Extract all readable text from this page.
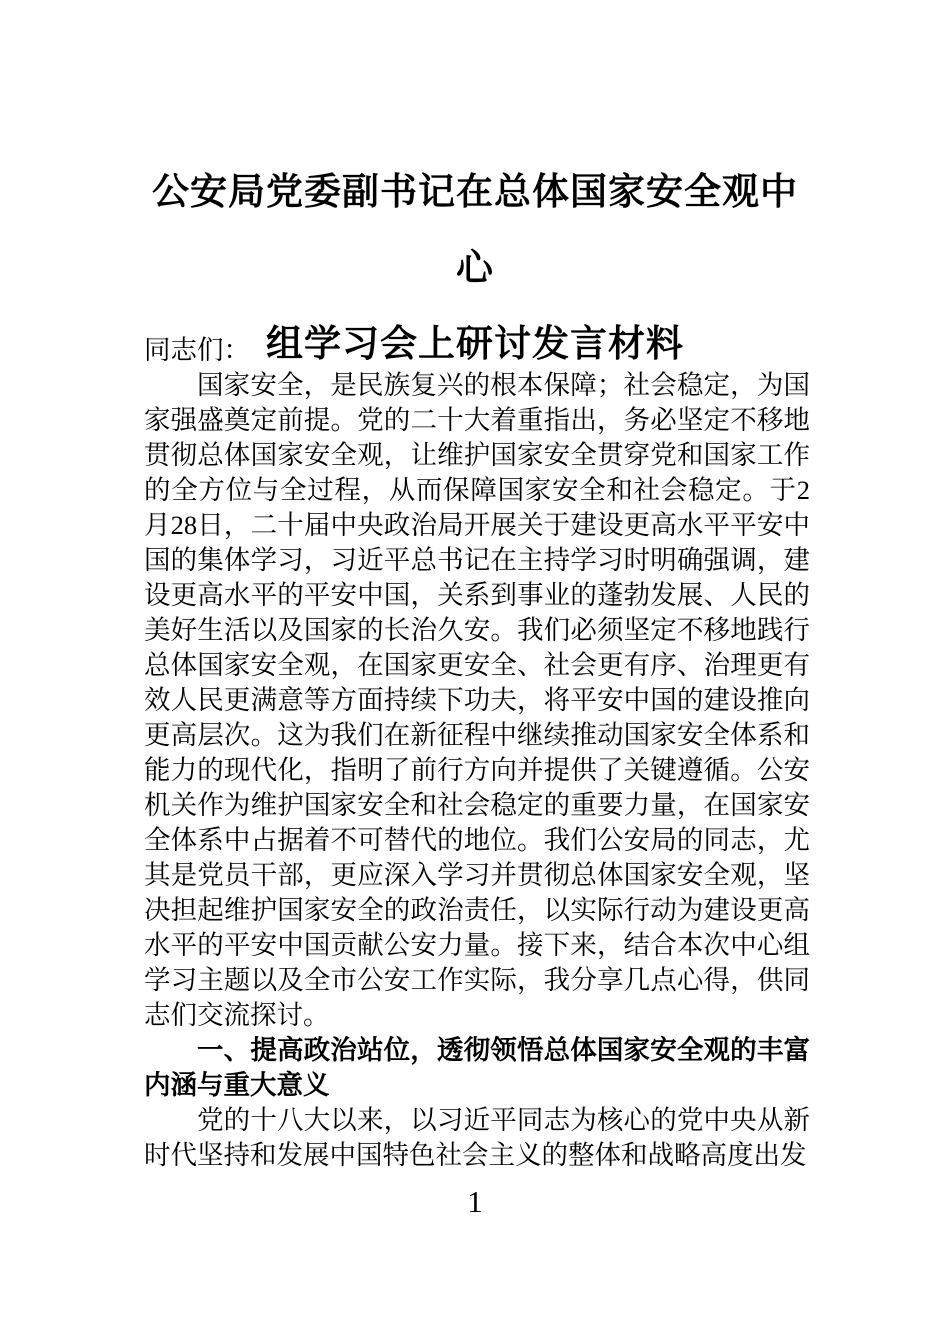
公安局党委副书记在总体国家安全观中心
组学习会上研讨发言材料

同志们：

国家安全，是民族复兴的根本保障；社会稳定，为国家强盛奠定前提。党的二十大着重指出，务必坚定不移地贯彻总体国家安全观，让维护国家安全贯穿党和国家工作的全方位与全过程，从而保障国家安全和社会稳定。于2月28日，二十届中央政治局开展关于建设更高水平平安中国的集体学习，习近平总书记在主持学习时明确强调，建设更高水平的平安中国，关系到事业的蓬勃发展、人民的美好生活以及国家的长治久安。我们必须坚定不移地践行总体国家安全观，在国家更安全、社会更有序、治理更有效人民更满意等方面持续下功夫，将平安中国的建设推向更高层次。这为我们在新征程中继续推动国家安全体系和能力的现代化，指明了前行方向并提供了关键遵循。公安机关作为维护国家安全和社会稳定的重要力量，在国家安全体系中占据着不可替代的地位。我们公安局的同志，尤其是党员干部，更应深入学习并贯彻总体国家安全观，坚决担起维护国家安全的政治责任，以实际行动为建设更高水平的平安中国贡献公安力量。接下来，结合本次中心组学习主题以及全市公安工作实际，我分享几点心得，供同志们交流探讨。

一、提高政治站位，透彻领悟总体国家安全观的丰富内涵与重大意义

党的十八大以来，以习近平同志为核心的党中央从新时代坚持和发展中国特色社会主义的整体和战略高度出发

1
